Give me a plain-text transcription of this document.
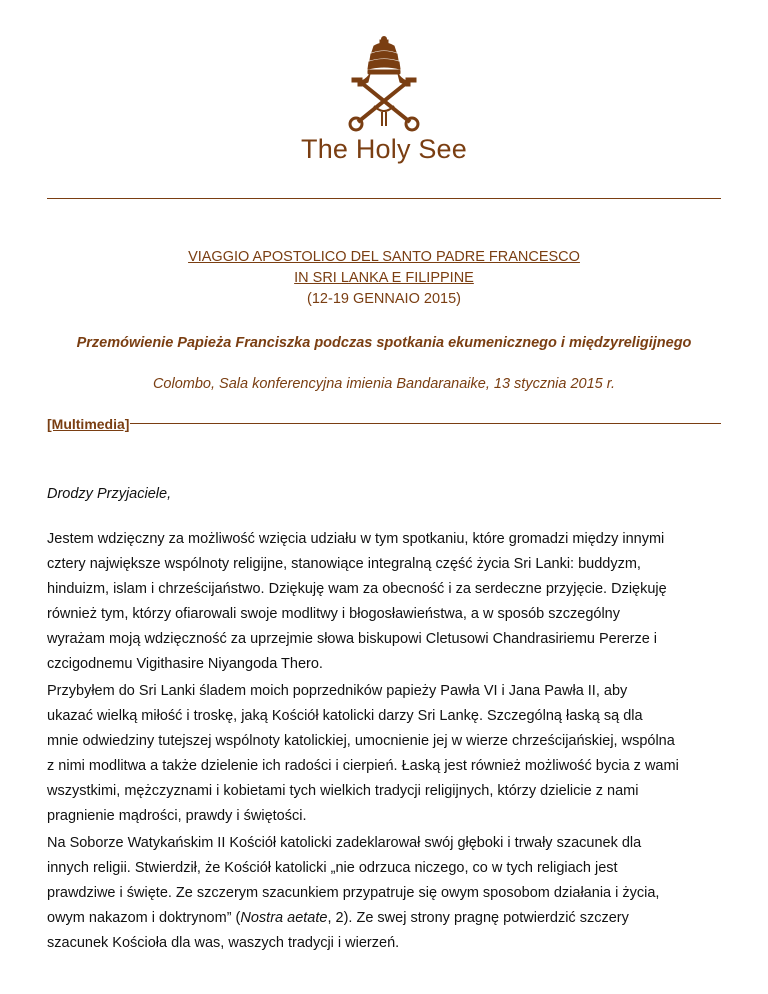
The Holy See
VIAGGIO APOSTOLICO DEL SANTO PADRE FRANCESCO
IN SRI LANKA E FILIPPINE
(12-19 GENNAIO 2015)
Przemówienie Papieża Franciszka podczas spotkania ekumenicznego i międzyreligijnego
Colombo, Sala konferencyjna imienia Bandaranaike, 13 stycznia 2015 r.
[Multimedia]
Drodzy Przyjaciele,
Jestem wdzięczny za możliwość wzięcia udziału w tym spotkaniu, które gromadzi między innymi
cztery największe wspólnoty religijne, stanowiące integralną część życia Sri Lanki: buddyzm,
hinduizm, islam i chrześcijaństwo. Dziękuję wam za obecność i za serdeczne przyjęcie. Dziękuję
również tym, którzy ofiarowali swoje modlitwy i błogosławieństwa, a w sposób szczególny
wyrażam moją wdzięczność za uprzejmie słowa biskupowi Cletusowi Chandrasiriemu Pererze i
czcigodnemu Vigithasire Niyangoda Thero.
Przybyłem do Sri Lanki śladem moich poprzedników papieży Pawła VI i Jana Pawła II, aby
ukazać wielką miłość i troskę, jaką Kościół katolicki darzy Sri Lankę. Szczególną łaską są dla
mnie odwiedziny tutejszej wspólnoty katolickiej, umocnienie jej w wierze chrześcijańskiej, wspólna
z nimi modlitwa a także dzielenie ich radości i cierpień. Łaską jest również możliwość bycia z wami
wszystkimi, mężczyznami i kobietami tych wielkich tradycji religijnych, którzy dzielicie z nami
pragnienie mądrości, prawdy i świętości.
Na Soborze Watykańskim II Kościół katolicki zadeklarował swój głęboki i trwały szacunek dla
innych religii. Stwierdził, że Kościół katolicki „nie odrzuca niczego, co w tych religiach jest
prawdziwe i święte. Ze szczerym szacunkiem przypatruje się owym sposobom działania i życia,
owym nakazom i doktrynom” (Nostra aetate, 2). Ze swej strony pragnę potwierdzić szczery
szacunek Kościoła dla was, waszych tradycji i wierzeń.
